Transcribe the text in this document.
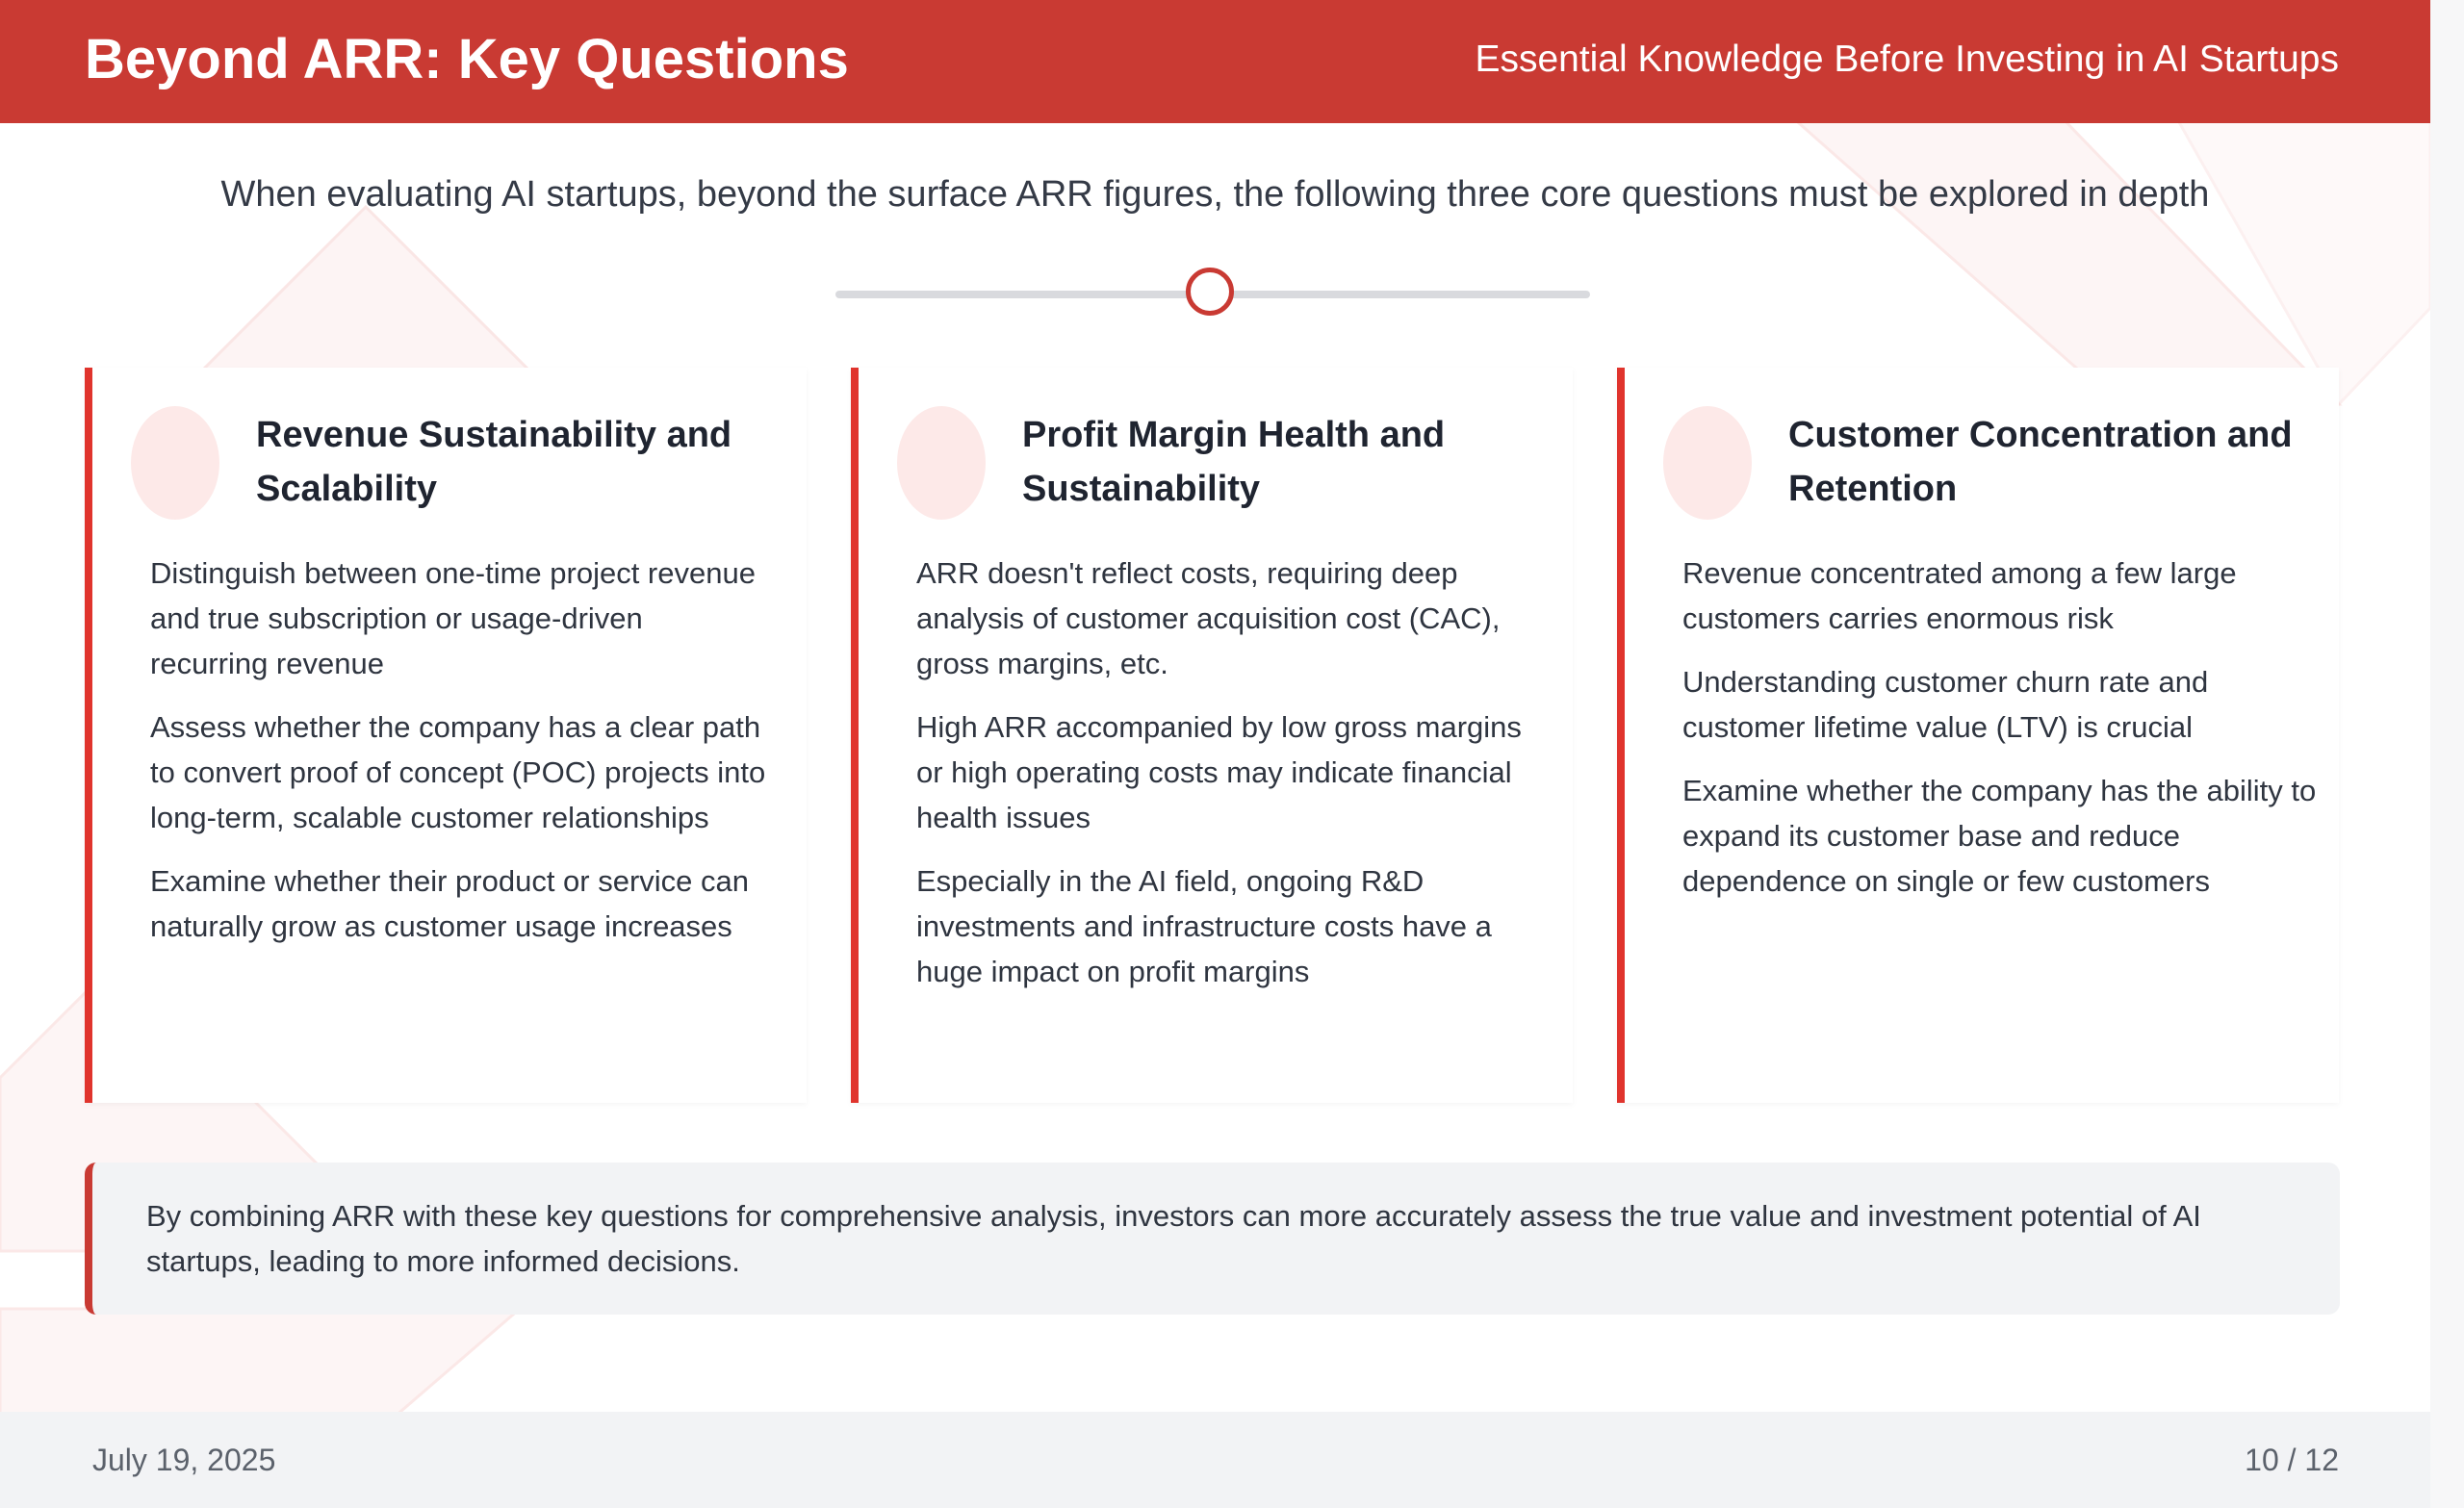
Beyond ARR: Key Questions	Essential Knowledge Before Investing in AI Startups
When evaluating AI startups, beyond the surface ARR figures, the following three core questions must be explored in depth
Revenue Sustainability and Scalability
Distinguish between one-time project revenue and true subscription or usage-driven recurring revenue
Assess whether the company has a clear path to convert proof of concept (POC) projects into long-term, scalable customer relationships
Examine whether their product or service can naturally grow as customer usage increases
Profit Margin Health and Sustainability
ARR doesn't reflect costs, requiring deep analysis of customer acquisition cost (CAC), gross margins, etc.
High ARR accompanied by low gross margins or high operating costs may indicate financial health issues
Especially in the AI field, ongoing R&D investments and infrastructure costs have a huge impact on profit margins
Customer Concentration and Retention
Revenue concentrated among a few large customers carries enormous risk
Understanding customer churn rate and customer lifetime value (LTV) is crucial
Examine whether the company has the ability to expand its customer base and reduce dependence on single or few customers
By combining ARR with these key questions for comprehensive analysis, investors can more accurately assess the true value and investment potential of AI startups, leading to more informed decisions.
July 19, 2025	10 / 12
